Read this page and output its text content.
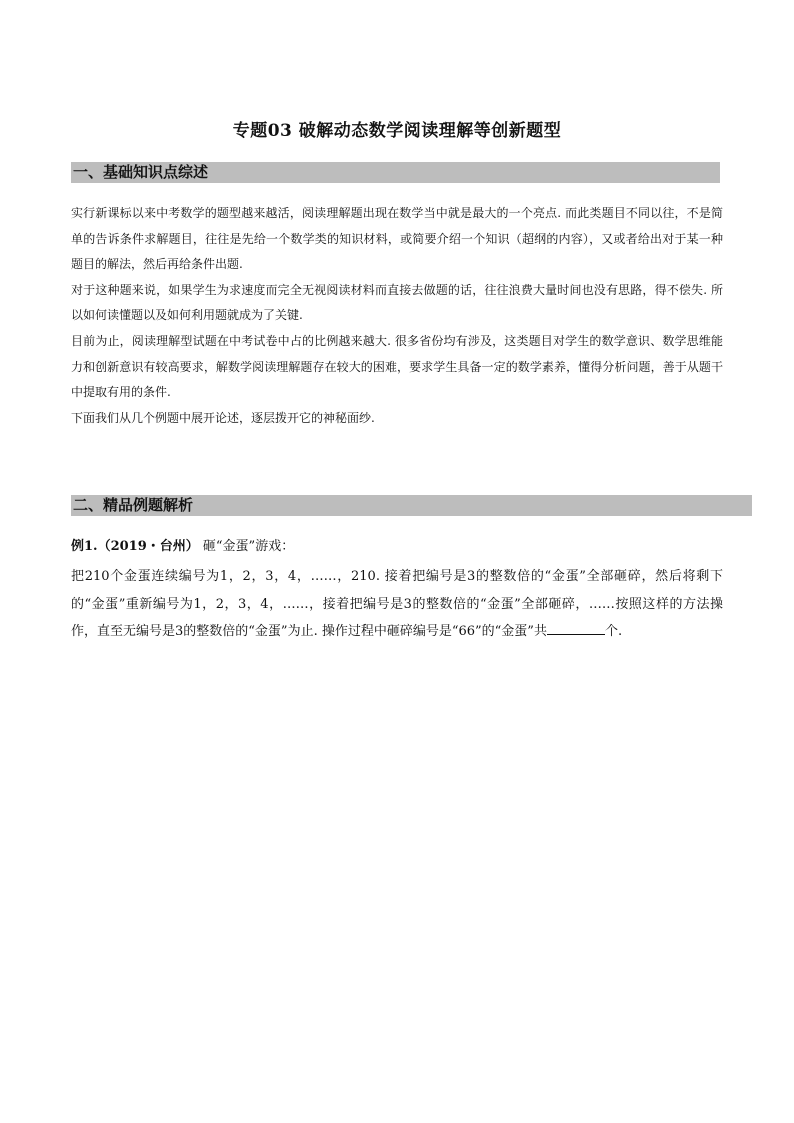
专题03 破解动态数学阅读理解等创新题型
一、基础知识点综述

实行新课标以来中考数学的题型越来越活，阅读理解题出现在数学当中就是最大的一个亮点. 而此类题目不同以往，不是简单的告诉条件求解题目，往往是先给一个数学类的知识材料，或简要介绍一个知识（超纲的内容），又或者给出对于某一种题目的解法，然后再给条件出题.

对于这种题来说，如果学生为求速度而完全无视阅读材料而直接去做题的话，往往浪费大量时间也没有思路，得不偿失. 所以如何读懂题以及如何利用题就成为了关键.

目前为止，阅读理解型试题在中考试卷中占的比例越来越大. 很多省份均有涉及，这类题目对学生的数学意识、数学思维能力和创新意识有较高要求，解数学阅读理解题存在较大的困难，要求学生具备一定的数学素养，懂得分析问题，善于从题干中提取有用的条件.

下面我们从几个例题中展开论述，逐层拨开它的神秘面纱.

二、精品例题解析
例1.（2019・台州） 砸“金蛋”游戏：

把210个金蛋连续编号为1，2，3，4，……，210. 接着把编号是3的整数倍的“金蛋”全部砸碎，然后将剩下的“金蛋”重新编号为1，2，3，4，……，接着把编号是3的整数倍的“金蛋”全部砸碎，……按照这样的方法操作，直至无编号是3的整数倍的“金蛋”为止. 操作过程中砸碎编号是“66”的“金蛋”共	个.
